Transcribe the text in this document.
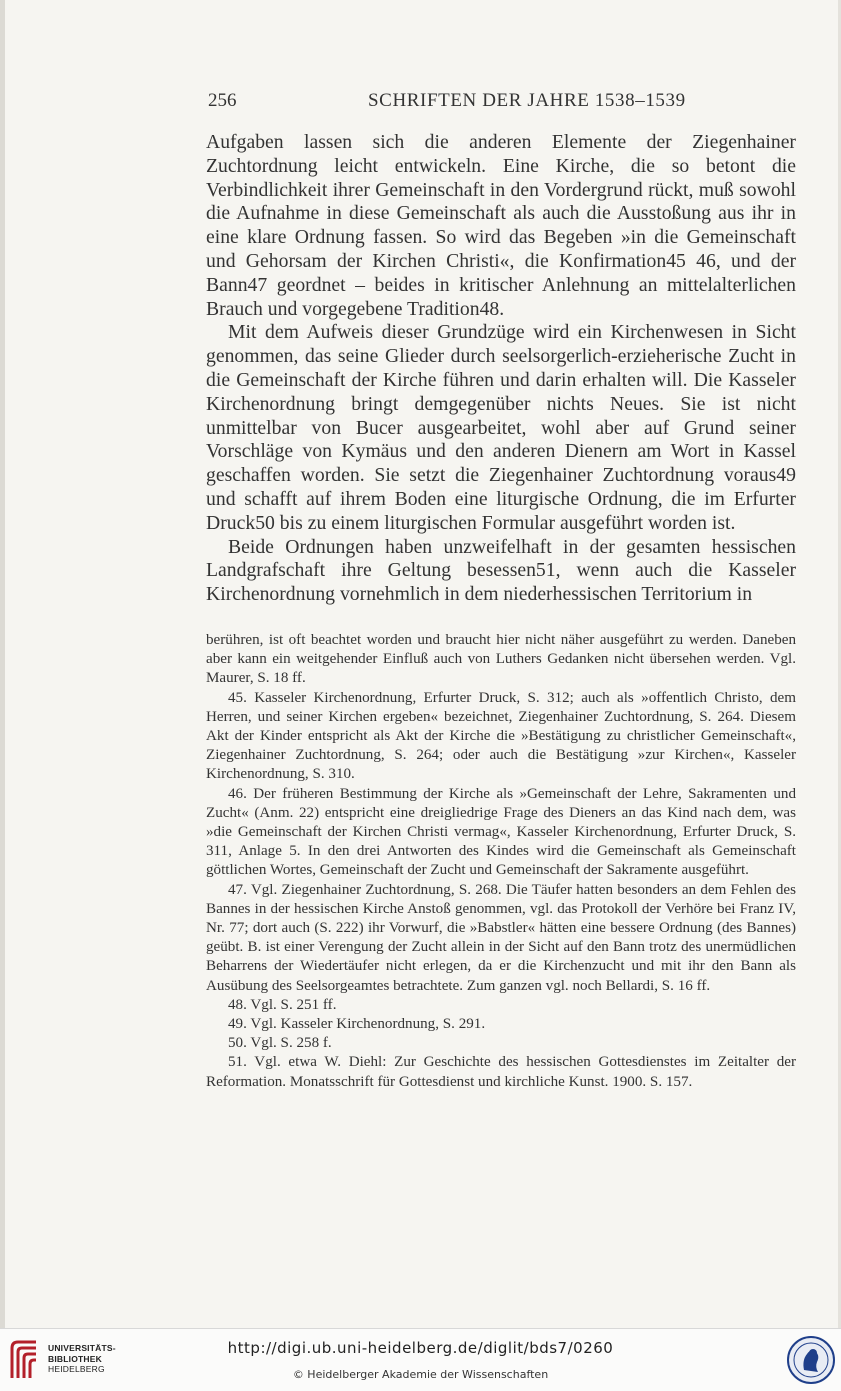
256	SCHRIFTEN DER JAHRE 1538–1539

Aufgaben lassen sich die anderen Elemente der Ziegenhainer Zuchtordnung leicht entwickeln. Eine Kirche, die so betont die Verbindlichkeit ihrer Gemeinschaft in den Vordergrund rückt, muß sowohl die Aufnahme in diese Gemeinschaft als auch die Ausstoßung aus ihr in eine klare Ordnung fassen. So wird das Begeben »in die Gemeinschaft und Gehorsam der Kirchen Christi«, die Konfirmation45 46, und der Bann47 geordnet – beides in kritischer Anlehnung an mittelalterlichen Brauch und vorgegebene Tradition48.

Mit dem Aufweis dieser Grundzüge wird ein Kirchenwesen in Sicht genommen, das seine Glieder durch seelsorgerlich-erzieherische Zucht in die Gemeinschaft der Kirche führen und darin erhalten will. Die Kasseler Kirchenordnung bringt demgegenüber nichts Neues. Sie ist nicht unmittelbar von Bucer ausgearbeitet, wohl aber auf Grund seiner Vorschläge von Kymäus und den anderen Dienern am Wort in Kassel geschaffen worden. Sie setzt die Ziegenhainer Zuchtordnung voraus49 und schafft auf ihrem Boden eine liturgische Ordnung, die im Erfurter Druck50 bis zu einem liturgischen Formular ausgeführt worden ist.

Beide Ordnungen haben unzweifelhaft in der gesamten hessischen Landgrafschaft ihre Geltung besessen51, wenn auch die Kasseler Kirchenordnung vornehmlich in dem niederhessischen Territorium in

berühren, ist oft beachtet worden und braucht hier nicht näher ausgeführt zu werden. Daneben aber kann ein weitgehender Einfluß auch von Luthers Gedanken nicht übersehen werden. Vgl. Maurer, S. 18 ff.

45. Kasseler Kirchenordnung, Erfurter Druck, S. 312; auch als »offentlich Christo, dem Herren, und seiner Kirchen ergeben« bezeichnet, Ziegenhainer Zuchtordnung, S. 264. Diesem Akt der Kinder entspricht als Akt der Kirche die »Bestätigung zu christlicher Gemeinschaft«, Ziegenhainer Zuchtordnung, S. 264; oder auch die Bestätigung »zur Kirchen«, Kasseler Kirchenordnung, S. 310.

46. Der früheren Bestimmung der Kirche als »Gemeinschaft der Lehre, Sakramenten und Zucht« (Anm. 22) entspricht eine dreigliedrige Frage des Dieners an das Kind nach dem, was »die Gemeinschaft der Kirchen Christi vermag«, Kasseler Kirchenordnung, Erfurter Druck, S. 311, Anlage 5. In den drei Antworten des Kindes wird die Gemeinschaft als Gemeinschaft göttlichen Wortes, Gemeinschaft der Zucht und Gemeinschaft der Sakramente ausgeführt.

47. Vgl. Ziegenhainer Zuchtordnung, S. 268. Die Täufer hatten besonders an dem Fehlen des Bannes in der hessischen Kirche Anstoß genommen, vgl. das Protokoll der Verhöre bei Franz IV, Nr. 77; dort auch (S. 222) ihr Vorwurf, die »Babstler« hätten eine bessere Ordnung (des Bannes) geübt. B. ist einer Verengung der Zucht allein in der Sicht auf den Bann trotz des unermüdlichen Beharrens der Wiedertäufer nicht erlegen, da er die Kirchenzucht und mit ihr den Bann als Ausübung des Seelsorgeamtes betrachtete. Zum ganzen vgl. noch Bellardi, S. 16 ff.

48. Vgl. S. 251 ff.

49. Vgl. Kasseler Kirchenordnung, S. 291.

50. Vgl. S. 258 f.

51. Vgl. etwa W. Diehl: Zur Geschichte des hessischen Gottesdienstes im Zeitalter der Reformation. Monatsschrift für Gottesdienst und kirchliche Kunst. 1900. S. 157.

UNIVERSITÄTS-
BIBLIOTHEK
HEIDELBERG
http://digi.ub.uni-heidelberg.de/diglit/bds7/0260
© Heidelberger Akademie der Wissenschaften
